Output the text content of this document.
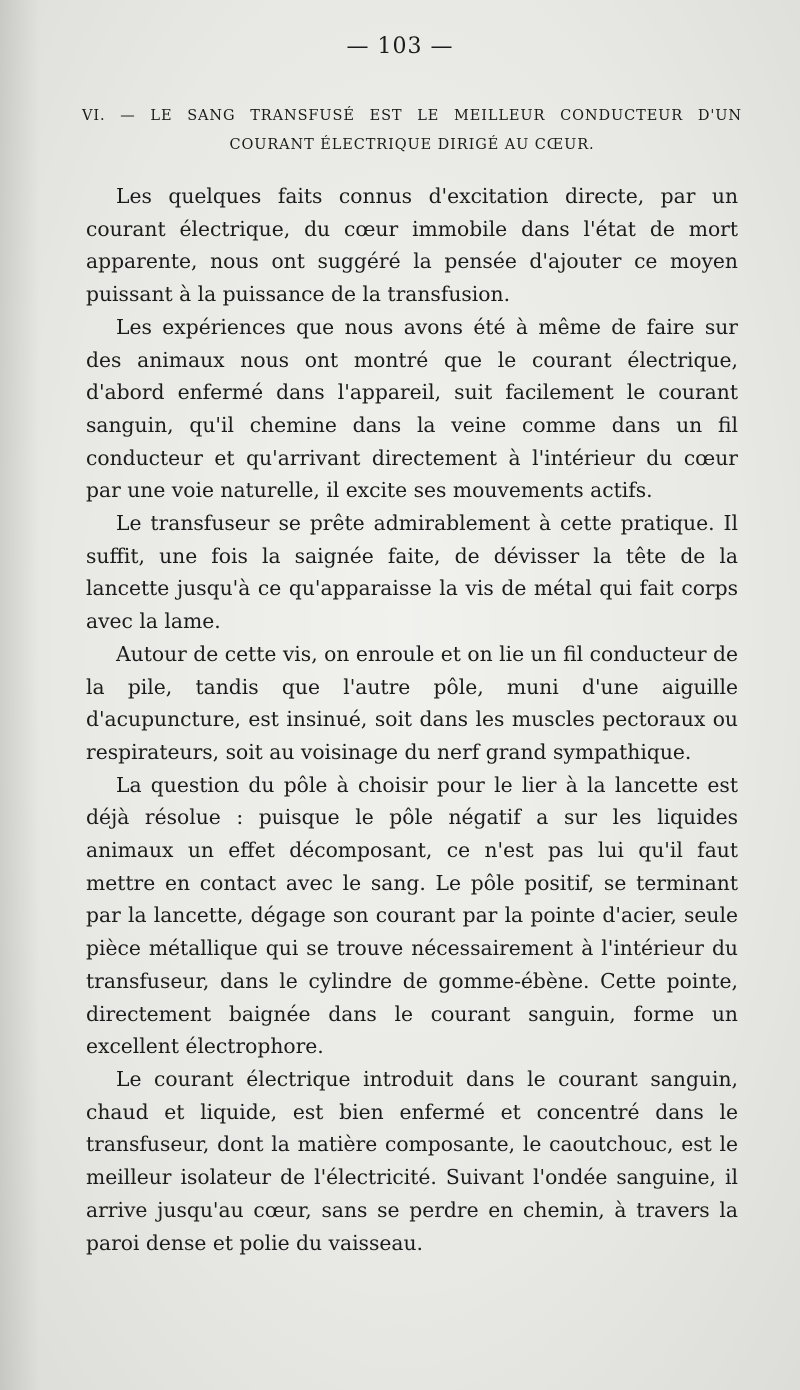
— 103 —
VI. — LE SANG TRANSFUSÉ EST LE MEILLEUR CONDUCTEUR D'UN COURANT ÉLECTRIQUE DIRIGÉ AU CŒUR.

Les quelques faits connus d'excitation directe, par un courant électrique, du cœur immobile dans l'état de mort apparente, nous ont suggéré la pensée d'ajouter ce moyen puissant à la puissance de la transfusion.

Les expériences que nous avons été à même de faire sur des animaux nous ont montré que le courant électrique, d'abord enfermé dans l'appareil, suit facilement le courant sanguin, qu'il chemine dans la veine comme dans un fil conducteur et qu'arrivant directement à l'intérieur du cœur par une voie naturelle, il excite ses mouvements actifs.

Le transfuseur se prête admirablement à cette pratique. Il suffit, une fois la saignée faite, de dévisser la tête de la lancette jusqu'à ce qu'apparaisse la vis de métal qui fait corps avec la lame.

Autour de cette vis, on enroule et on lie un fil conducteur de la pile, tandis que l'autre pôle, muni d'une aiguille d'acupuncture, est insinué, soit dans les muscles pectoraux ou respirateurs, soit au voisinage du nerf grand sympathique.

La question du pôle à choisir pour le lier à la lancette est déjà résolue : puisque le pôle négatif a sur les liquides animaux un effet décomposant, ce n'est pas lui qu'il faut mettre en contact avec le sang. Le pôle positif, se terminant par la lancette, dégage son courant par la pointe d'acier, seule pièce métallique qui se trouve nécessairement à l'intérieur du transfuseur, dans le cylindre de gomme-ébène. Cette pointe, directement baignée dans le courant sanguin, forme un excellent électrophore.

Le courant électrique introduit dans le courant sanguin, chaud et liquide, est bien enfermé et concentré dans le transfuseur, dont la matière composante, le caoutchouc, est le meilleur isolateur de l'électricité. Suivant l'ondée sanguine, il arrive jusqu'au cœur, sans se perdre en chemin, à travers la paroi dense et polie du vaisseau.
